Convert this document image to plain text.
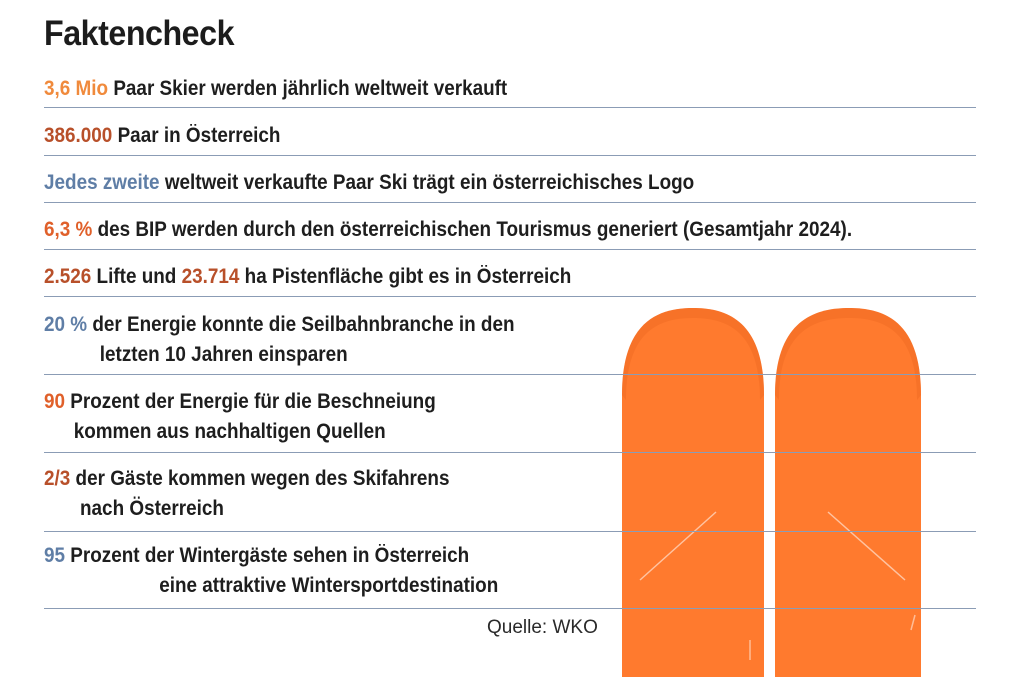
Faktencheck
3,6 Mio Paar Skier werden jährlich weltweit verkauft
386.000 Paar in Österreich
Jedes zweite weltweit verkaufte Paar Ski trägt ein österreichisches Logo
6,3 % des BIP werden durch den österreichischen Tourismus generiert (Gesamtjahr 2024).
2.526 Lifte und 23.714 ha Pistenfläche gibt es in Österreich
20 % der Energie konnte die Seilbahnbranche in den
letzten 10 Jahren einsparen
90 Prozent der Energie für die Beschneiung
kommen aus nachhaltigen Quellen
2/3 der Gäste kommen wegen des Skifahrens
nach Österreich
95 Prozent der Wintergäste sehen in Österreich
eine attraktive Wintersportdestination
Quelle: WKO
